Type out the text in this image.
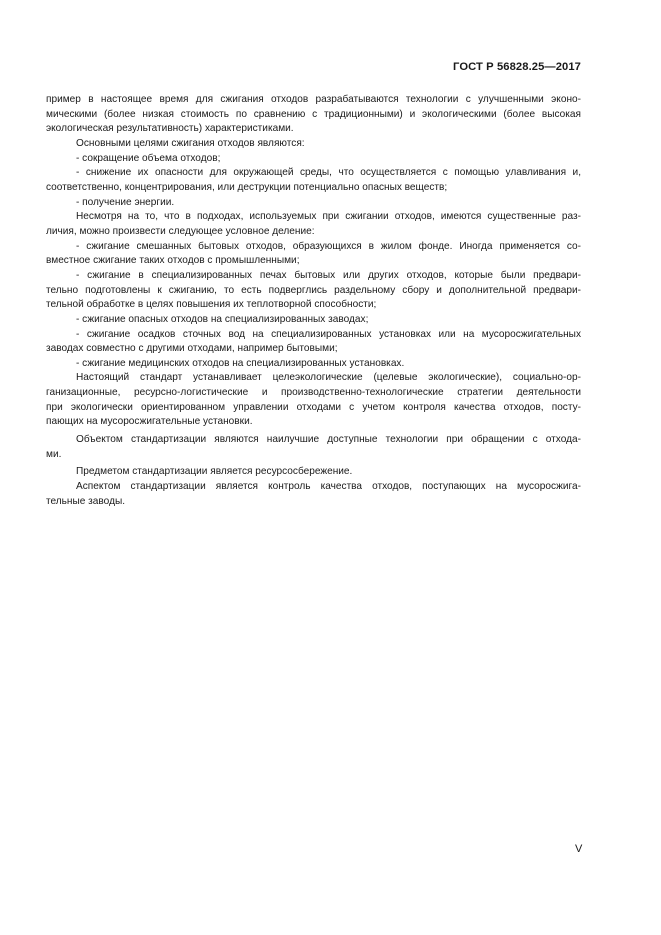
ГОСТ Р 56828.25—2017
пример в настоящее время для сжигания отходов разрабатываются технологии с улучшенными эконо-
мическими (более низкая стоимость по сравнению с традиционными) и экологическими (более высокая
экологическая результативность) характеристиками.
Основными целями сжигания отходов являются:
- сокращение объема отходов;
- снижение их опасности для окружающей среды, что осуществляется с помощью улавливания и,
соответственно, концентрирования, или деструкции потенциально опасных веществ;
- получение энергии.
Несмотря на то, что в подходах, используемых при сжигании отходов, имеются существенные раз-
личия, можно произвести следующее условное деление:
- сжигание смешанных бытовых отходов, образующихся в жилом фонде. Иногда применяется со-
вместное сжигание таких отходов с промышленными;
- сжигание в специализированных печах бытовых или других отходов, которые были предвари-
тельно подготовлены к сжиганию, то есть подверглись раздельному сбору и дополнительной предвари-
тельной обработке в целях повышения их теплотворной способности;
- сжигание опасных отходов на специализированных заводах;
- сжигание осадков сточных вод на специализированных установках или на мусоросжигательных
заводах совместно с другими отходами, например бытовыми;
- сжигание медицинских отходов на специализированных установках.
Настоящий стандарт устанавливает целеэкологические (целевые экологические), социально-ор-
ганизационные, ресурсно-логистические и производственно-технологические стратегии деятельности
при экологически ориентированном управлении отходами с учетом контроля качества отходов, посту-
пающих на мусоросжигательные установки.
Объектом стандартизации являются наилучшие доступные технологии при обращении с отхода-
ми.
Предметом стандартизации является ресурсосбережение.
Аспектом стандартизации является контроль качества отходов, поступающих на мусоросжига-
тельные заводы.
V
